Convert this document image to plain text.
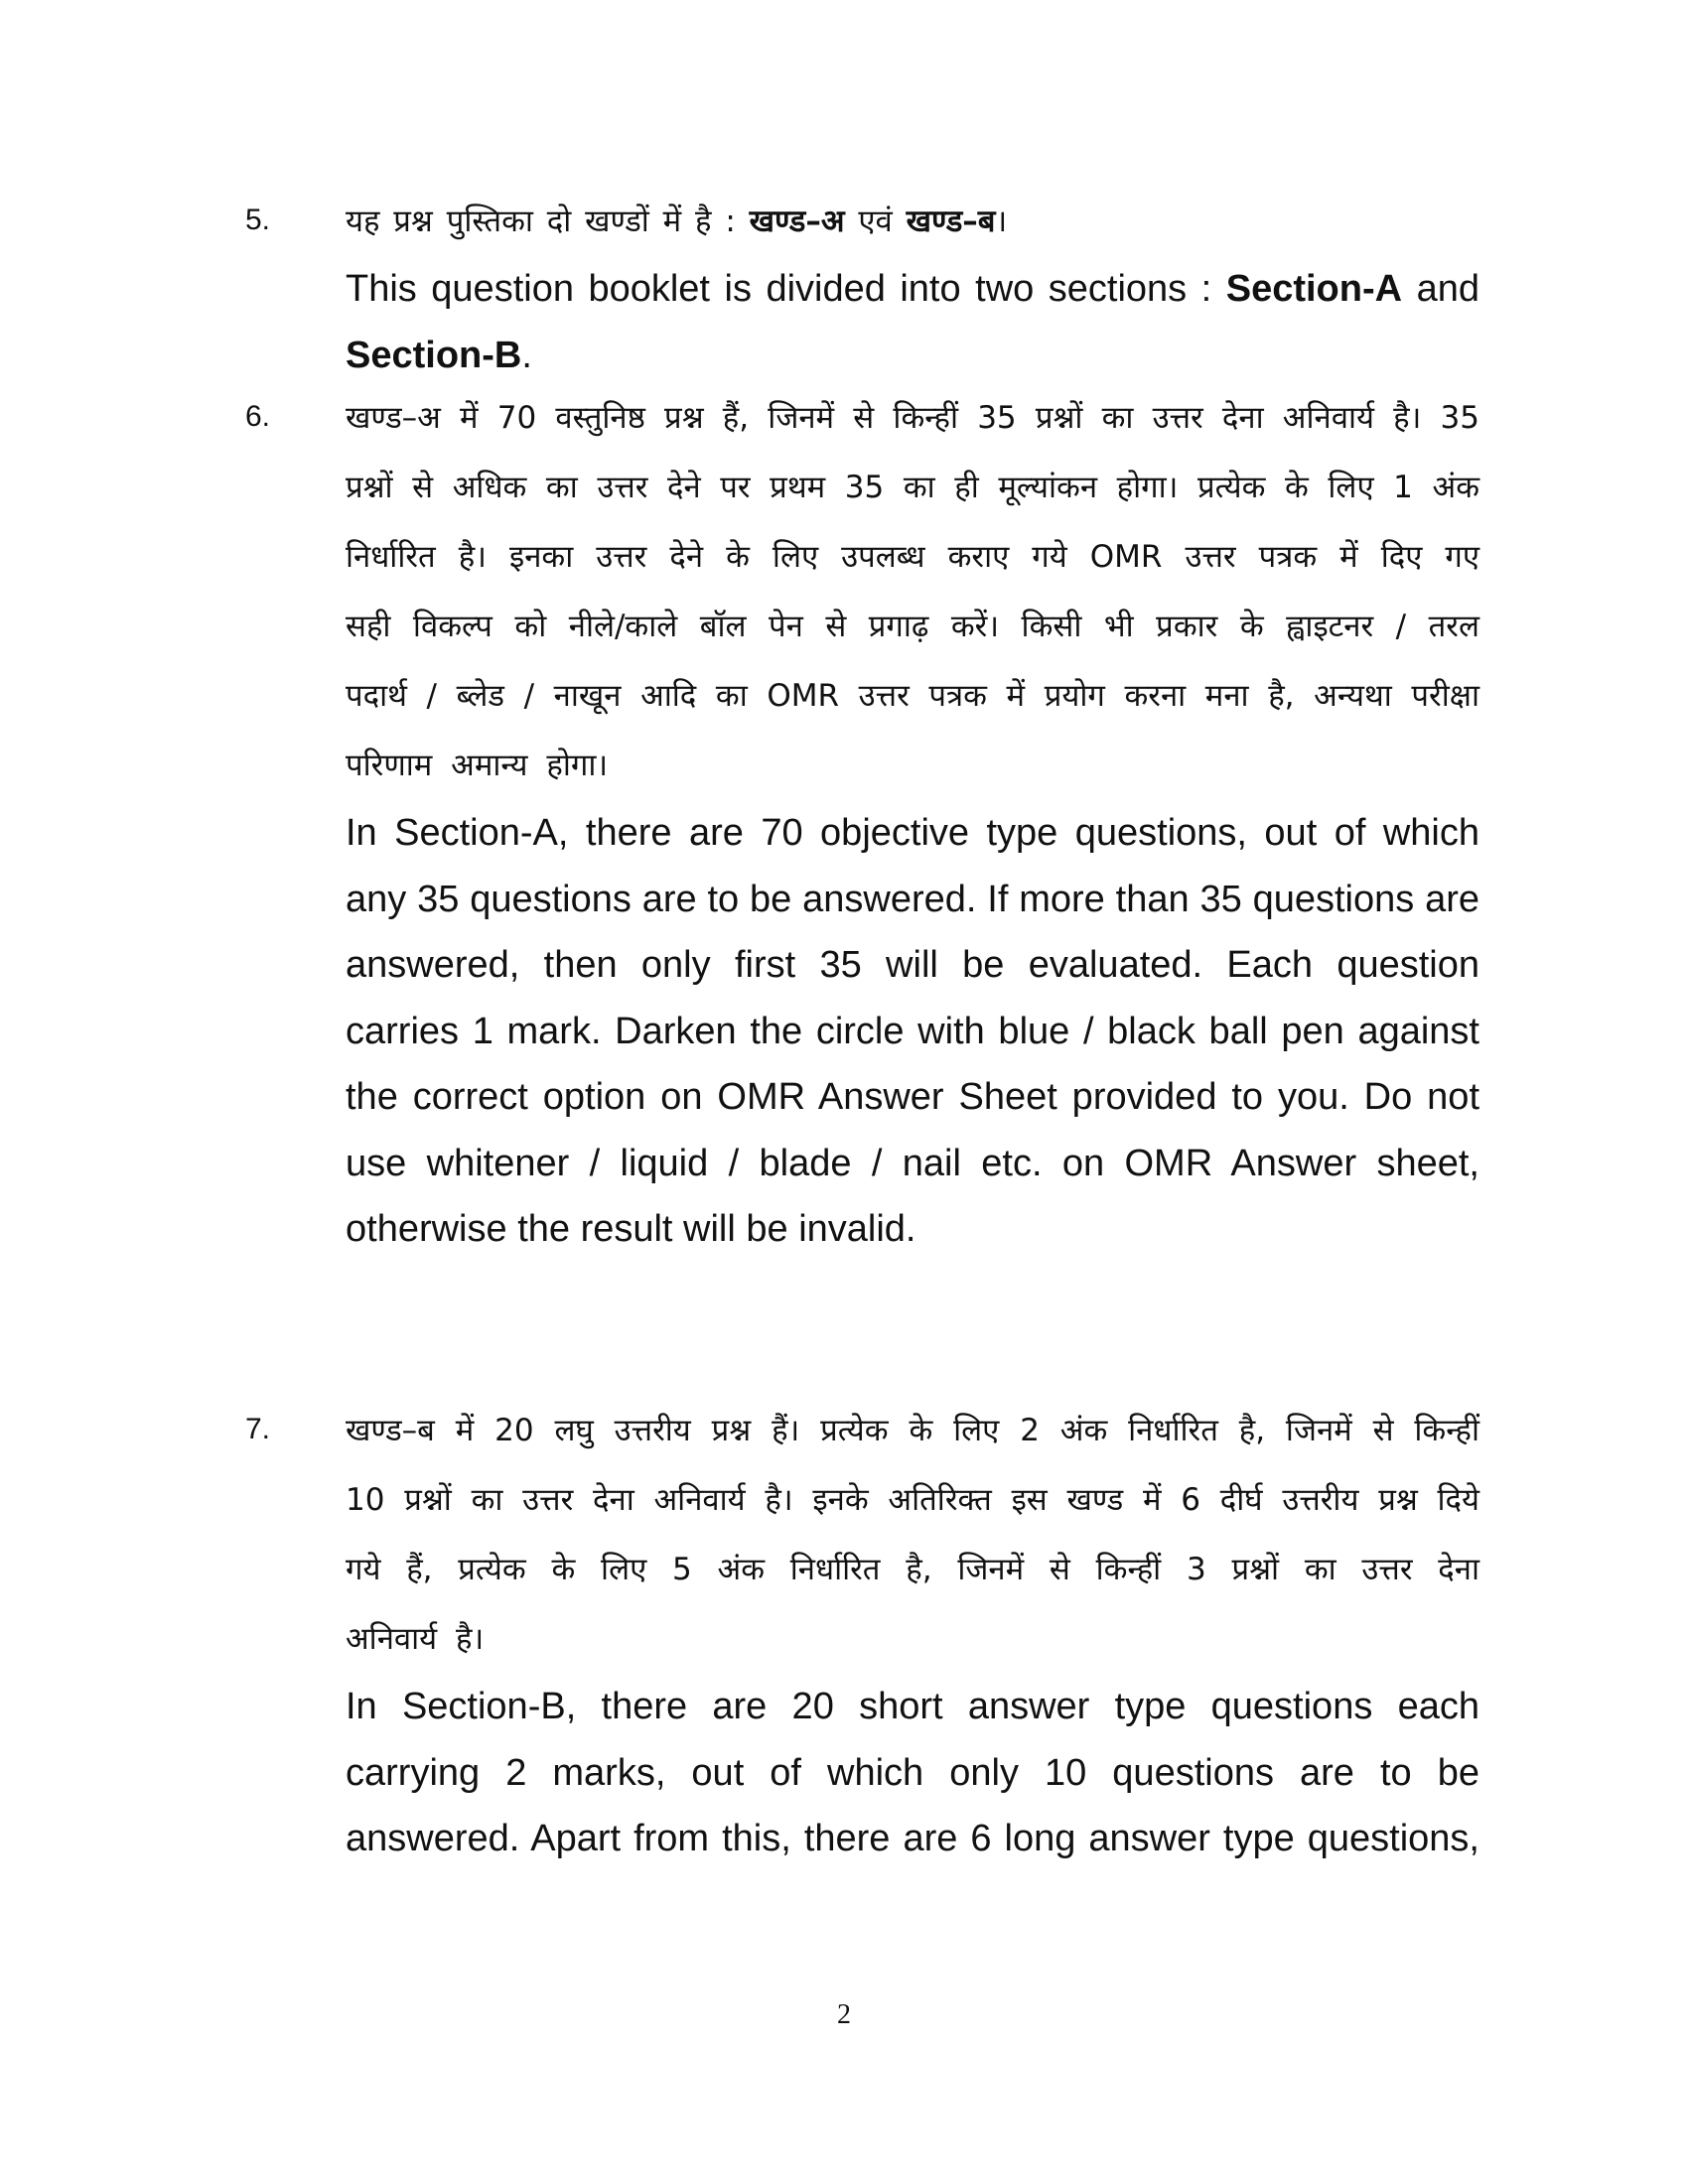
5. यह प्रश्न पुस्तिका दो खण्डों में है : खण्ड–अ एवं खण्ड–ब।

This question booklet is divided into two sections : Section-A and Section-B.

6. खण्ड–अ में 70 वस्तुनिष्ठ प्रश्न हैं, जिनमें से किन्हीं 35 प्रश्नों का उत्तर देना अनिवार्य है। 35 प्रश्नों से अधिक का उत्तर देने पर प्रथम 35 का ही मूल्यांकन होगा। प्रत्येक के लिए 1 अंक निर्धारित है। इनका उत्तर देने के लिए उपलब्ध कराए गये OMR उत्तर पत्रक में दिए गए सही विकल्प को नीले/काले बॉल पेन से प्रगाढ़ करें। किसी भी प्रकार के ह्वाइटनर / तरल पदार्थ / ब्लेड / नाखून आदि का OMR उत्तर पत्रक में प्रयोग करना मना है, अन्यथा परीक्षा परिणाम अमान्य होगा।

In Section-A, there are 70 objective type questions, out of which any 35 questions are to be answered. If more than 35 questions are answered, then only first 35 will be evaluated. Each question carries 1 mark. Darken the circle with blue / black ball pen against the correct option on OMR Answer Sheet provided to you. Do not use whitener / liquid / blade / nail etc. on OMR Answer sheet, otherwise the result will be invalid.

7. खण्ड–ब में 20 लघु उत्तरीय प्रश्न हैं। प्रत्येक के लिए 2 अंक निर्धारित है, जिनमें से किन्हीं 10 प्रश्नों का उत्तर देना अनिवार्य है। इनके अतिरिक्त इस खण्ड में 6 दीर्घ उत्तरीय प्रश्न दिये गये हैं, प्रत्येक के लिए 5 अंक निर्धारित है, जिनमें से किन्हीं 3 प्रश्नों का उत्तर देना अनिवार्य है।

In Section-B, there are 20 short answer type questions each carrying 2 marks, out of which only 10 questions are to be answered. Apart from this, there are 6 long answer type questions,

2
